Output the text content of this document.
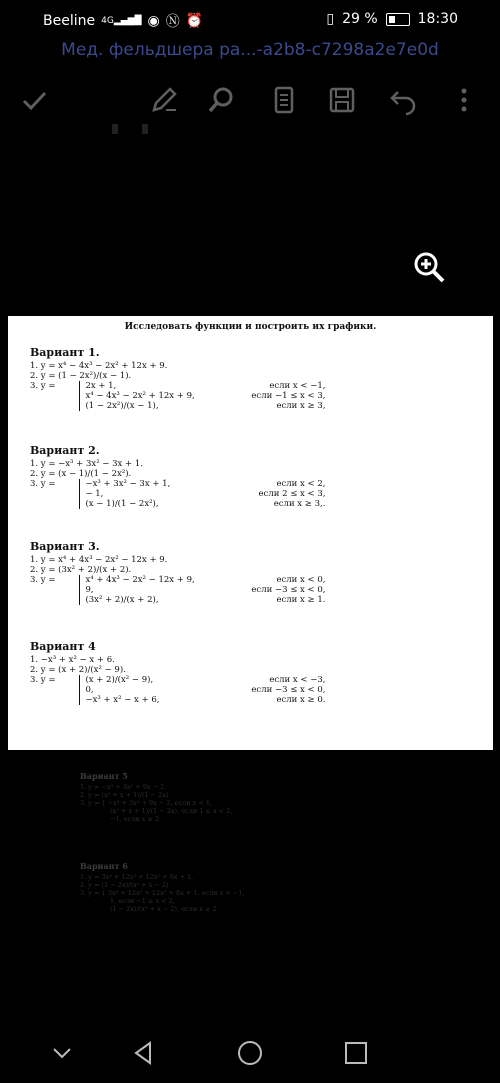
Beeline 4G▂▄▆█ ◉ Ⓝ ⏰	▯ 29 %	18:30
Мед. фельдшера ра...-a2b8-c7298a2e7e0d
Исследовать функции и построить их графики.
Вариант 1.
1. y = x⁴ − 4x³ − 2x² + 12x + 9.
2. y = (1 − 2x²)/(x − 1).
3. y =	2x + 1,	если x < −1,
x⁴ − 4x³ − 2x² + 12x + 9,	если −1 ≤ x < 3,
(1 − 2x²)/(x − 1),	если x ≥ 3,
Вариант 2.
1. y = −x³ + 3x² − 3x + 1.
2. y = (x − 1)/(1 − 2x²).
3. y =	−x³ + 3x² − 3x + 1,	если x < 2,
− 1,	если 2 ≤ x < 3,
(x − 1)/(1 − 2x²),	если x ≥ 3,.
Вариант 3.
1. y = x⁴ + 4x³ − 2x² − 12x + 9.
2. y = (3x² + 2)/(x + 2).
3. y =	x⁴ + 4x³ − 2x² − 12x + 9,	если x < 0,
9,	если −3 ≤ x < 0,
(3x² + 2)/(x + 2),	если x ≥ 1.
Вариант 4
1. −x³ + x² − x + 6.
2. y = (x + 2)/(x² − 9).
3. y =	(x + 2)/(x² − 9),	если x < −3,
0,	если −3 ≤ x < 0,
−x³ + x² − x + 6,	если x ≥ 0.
Вариант 5
1. y = −x³ + 3x² + 9x − 2.
2. y = (x² + x + 1)/(1 − 2x).
3. y = { −x³ + 3x² + 9x − 2, если x < 1,
(x² + x + 1)/(1 − 2x), если 1 ≤ x < 2,
−1, если x ≥ 2.
Вариант 6
1. y = 3x⁴ + 12x³ + 12x² + 6x + 1.
2. y = (1 − 2x)/(x² + x − 2).
3. y = { 3x⁴ + 12x³ + 12x² + 8x + 1, если x < −1,
1, если −1 ≤ x < 2,
(1 − 2x)/(x² + x − 2), если x ≥ 2.
